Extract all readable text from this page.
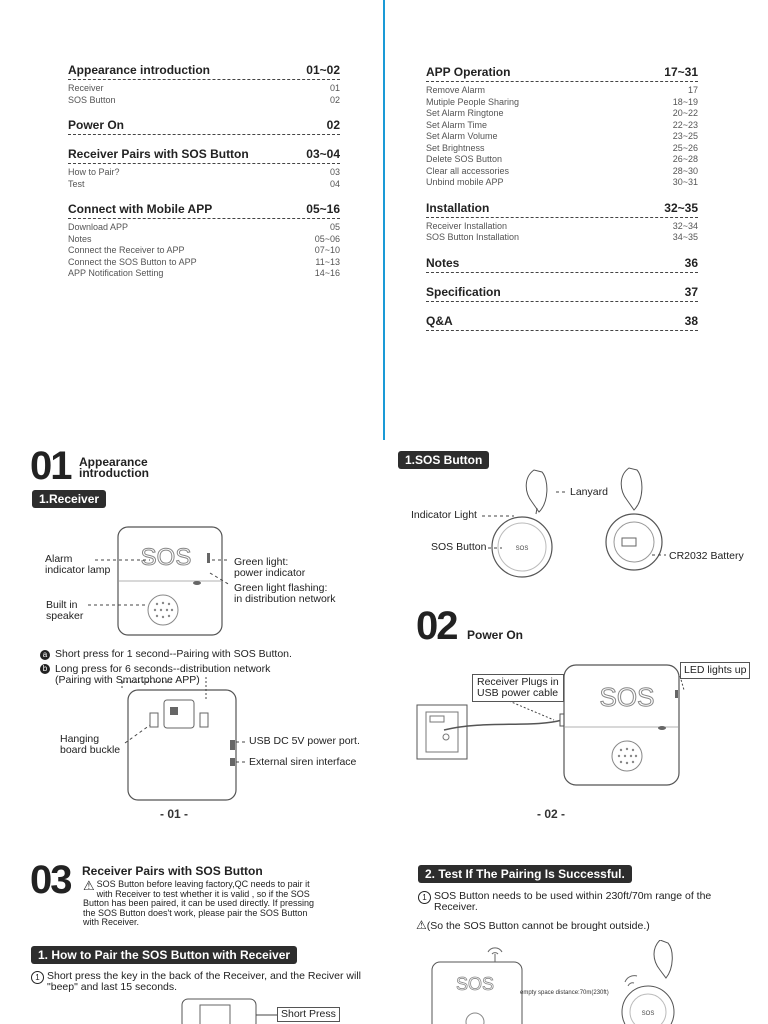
Appearance introduction	01~02
Receiver	01
SOS Button	02
Power On	02
Receiver Pairs with SOS Button	03~04
How to Pair?	03
Test	04
Connect with Mobile APP	05~16
Download APP	05
Notes	05~06
Connect the Receiver to APP	07~10
Connect the SOS Button to APP	11~13
APP Notification Setting	14~16
APP Operation	17~31
Remove Alarm	17
Mutiple People Sharing	18~19
Set Alarm Ringtone	20~22
Set Alarm Time	22~23
Set Alarm Volume	23~25
Set Brightness	25~26
Delete SOS Button	26~28
Clear all accessories	28~30
Unbind mobile APP	30~31
Installation	32~35
Receiver Installation	32~34
SOS Button Installation	34~35
Notes	36
Specification	37
Q&A	38
01 Appearance
introduction
1.Receiver
SOS
Alarm
indicator lamp
Built in
speaker
Green light:
power indicator
Green light flashing:
in distribution network
a Short press for 1 second--Pairing with SOS Button.
b Long press for 6 seconds--distribution network
(Pairing with Smartphone APP)
Hanging
board buckle
USB DC 5V power port.
External siren interface
- 01 -
1.SOS Button
SOS
Lanyard
Indicator Light
SOS Button
CR2032 Battery
02 Power On
SOS
Receiver Plugs in
USB power cable
LED lights up
- 02 -
03 Receiver Pairs with SOS Button
⚠ SOS Button before leaving factory,QC needs to pair it
with Receiver to test whether it is valid , so if the SOS
Button has been paired, it can be used directly. If pressing
the SOS Button does't work, please pair the SOS Button
with Receiver.
1. How to Pair the SOS Button with Receiver
1 Short press the key in the back of the Receiver, and the Reciver will
"beep" and last 15 seconds.
Short Press
2. Test If The Pairing Is Successful.
1 SOS Button needs to be used within 230ft/70m range of the
Receiver.
⚠(So the SOS Button cannot be brought outside.)
SOS
SOS
empty space distance:70m(230ft)
